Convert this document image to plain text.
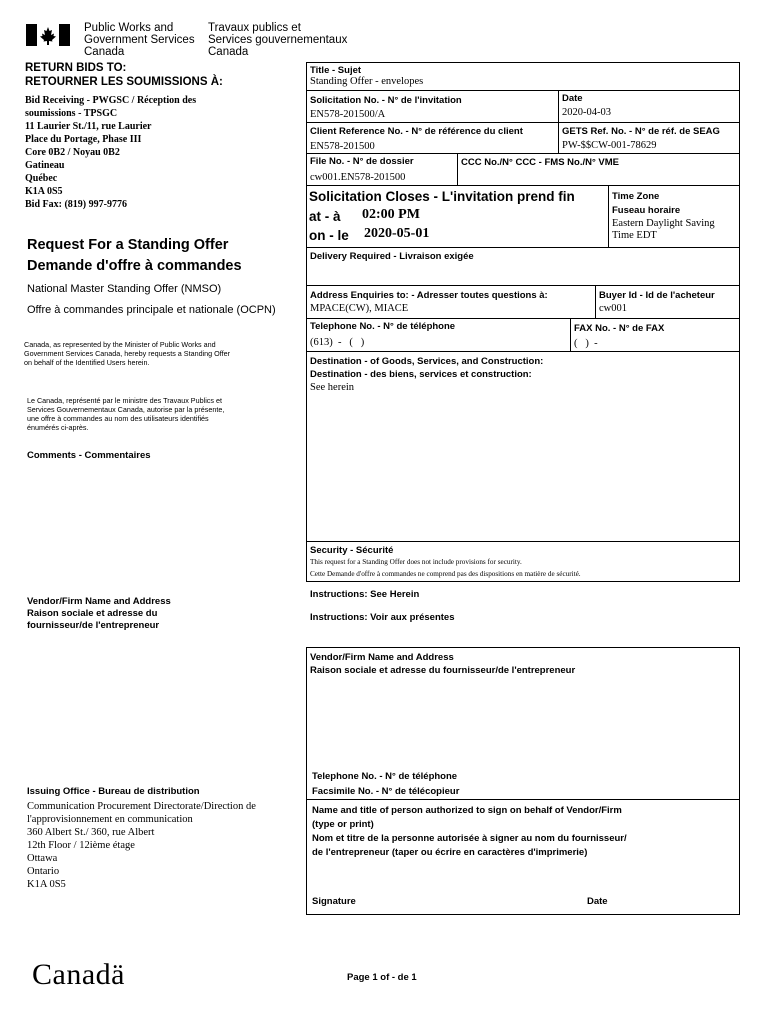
Public Works and
Government Services
Canada
Travaux publics et
Services gouvernementaux
Canada
RETURN BIDS TO:
RETOURNER LES SOUMISSIONS À:
Bid Receiving - PWGSC / Réception des
soumissions - TPSGC
11 Laurier St./11, rue Laurier
Place du Portage, Phase III
Core 0B2 / Noyau 0B2
Gatineau
Québec
K1A 0S5
Bid Fax: (819) 997-9776
Request For a Standing Offer
Demande d'offre à commandes
National Master Standing Offer (NMSO)
Offre à commandes principale et nationale (OCPN)
Canada, as represented by the Minister of Public Works and
Government Services Canada, hereby requests a Standing Offer
on behalf of the Identified Users herein.
Le Canada, représenté par le ministre des Travaux Publics et
Services Gouvernementaux Canada, autorise par la présente,
une offre à commandes au nom des utilisateurs identifiés
énumérés ci-après.
Comments - Commentaires
Vendor/Firm Name and Address
Raison sociale et adresse du
fournisseur/de l'entrepreneur
Issuing Office - Bureau de distribution
Communication Procurement Directorate/Direction de
l'approvisionnement en communication
360 Albert St./ 360, rue Albert
12th Floor / 12ième étage
Ottawa
Ontario
K1A 0S5
Title - Sujet
Standing Offer - envelopes
Solicitation No. - N° de l'invitation
EN578-201500/A
Date
2020-04-03
Client Reference No. - N° de référence du client
EN578-201500
GETS Ref. No. - N° de réf. de SEAG
PW-$$CW-001-78629
File No. - N° de dossier
cw001.EN578-201500
CCC No./N° CCC - FMS No./N° VME
Solicitation Closes - L'invitation prend fin
at - à 02:00 PM
on - le 2020-05-01
Time Zone
Fuseau horaire
Eastern Daylight Saving
Time EDT
Delivery Required - Livraison exigée
Address Enquiries to: - Adresser toutes questions à:
MPACE(CW), MIACE
Buyer Id - Id de l'acheteur
cw001
Telephone No. - N° de téléphone
(613)  -   (   )
FAX No. - N° de FAX
(   )  -
Destination - of Goods, Services, and Construction:
Destination - des biens, services et construction:
See herein
Security - Sécurité
This request for a Standing Offer does not include provisions for security.
Cette Demande d'offre à commandes ne comprend pas des dispositions en matière de sécurité.
Instructions: See Herein
Instructions: Voir aux présentes
Vendor/Firm Name and Address
Raison sociale et adresse du fournisseur/de l'entrepreneur
Telephone No. - N° de téléphone
Facsimile No. - N° de télécopieur
Name and title of person authorized to sign on behalf of Vendor/Firm
(type or print)
Nom et titre de la personne autorisée à signer au nom du fournisseur/
de l'entrepreneur (taper ou écrire en caractères d'imprimerie)
Signature	Date
Canadä	Page 1 of - de 1
